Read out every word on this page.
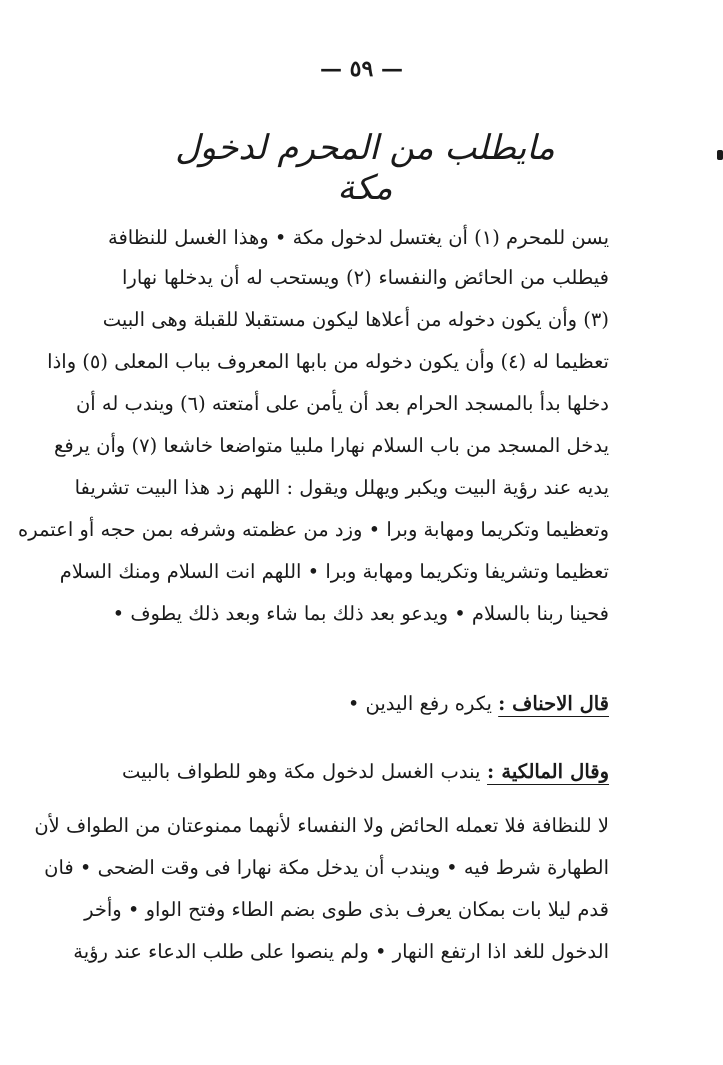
— ٥٩ —
مايطلب من المحرم لدخول مكة
يسن للمحرم (١) أن يغتسل لدخول مكة • وهذا الغسل للنظافة
فيطلب من الحائض والنفساء (٢) ويستحب له أن يدخلها نهارا
(٣) وأن يكون دخوله من أعلاها ليكون مستقبلا للقبلة وهى البيت
تعظيما له (٤) وأن يكون دخوله من بابها المعروف بباب المعلى (٥) واذا
دخلها بدأ بالمسجد الحرام بعد أن يأمن على أمتعته (٦) ويندب له أن
يدخل المسجد من باب السلام نهارا ملبيا متواضعا خاشعا (٧) وأن يرفع
يديه عند رؤية البيت ويكبر ويهلل ويقول : اللهم زد هذا البيت تشريفا
وتعظيما وتكريما ومهابة وبرا • وزد من عظمته وشرفه بمن حجه أو اعتمره
تعظيما وتشريفا وتكريما ومهابة وبرا • اللهم انت السلام ومنك السلام
فحينا ربنا بالسلام • ويدعو بعد ذلك بما شاء وبعد ذلك يطوف •
قال الاحناف : يكره رفع اليدين •
وقال المالكية : يندب الغسل لدخول مكة وهو للطواف بالبيت
لا للنظافة فلا تعمله الحائض ولا النفساء لأنهما ممنوعتان من الطواف لأن
الطهارة شرط فيه • ويندب أن يدخل مكة نهارا فى وقت الضحى • فان
قدم ليلا بات بمكان يعرف بذى طوى بضم الطاء وفتح الواو • وأخر
الدخول للغد اذا ارتفع النهار • ولم ينصوا على طلب الدعاء عند رؤية
